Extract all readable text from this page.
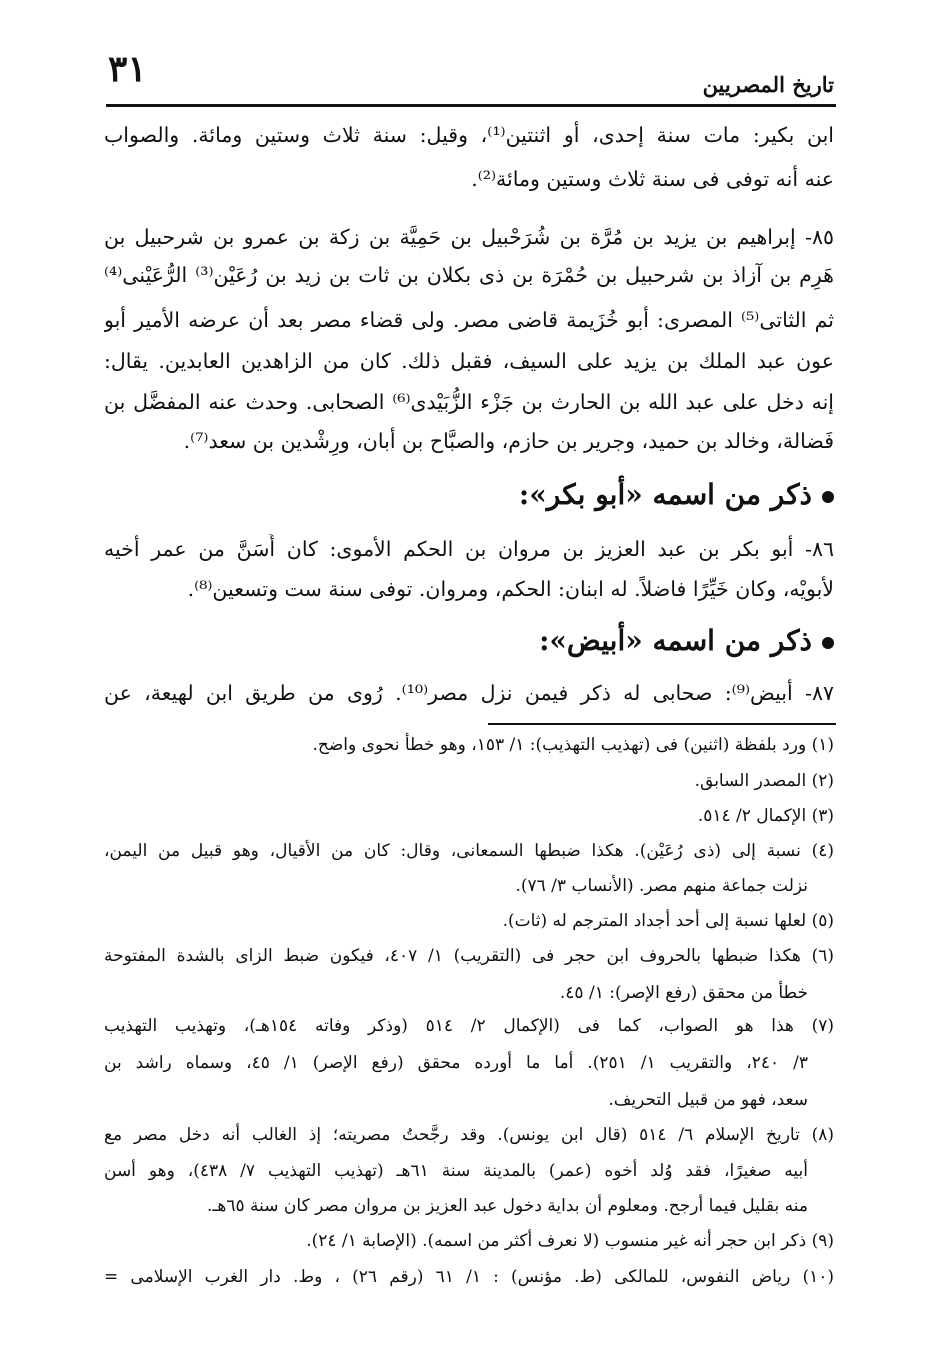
٣١	تاريخ المصريين
ابن بكير: مات سنة إحدى، أو اثنتين⁽¹⁾، وقيل: سنة ثلاث وستين ومائة. والصواب
عنه أنه توفى فى سنة ثلاث وستين ومائة⁽²⁾.
٨٥- إبراهيم بن يزيد بن مُرَّة بن شُرَحْبيل بن حَمِيَّة بن زكة بن عمرو بن شرحبيل بن
هَرِم بن آزاذ بن شرحبيل بن حُمْرَة بن ذى بكلان بن ثات بن زيد بن رُعَيْن⁽³⁾ الرُّعَيْنى⁽⁴⁾
ثم الثاتى⁽⁵⁾ المصرى: أبو خُزَيمة قاضى مصر. ولى قضاء مصر بعد أن عرضه الأمير أبو
عون عبد الملك بن يزيد على السيف، فقبل ذلك. كان من الزاهدين العابدين. يقال:
إنه دخل على عبد الله بن الحارث بن جَزْء الزُّبَيْدى⁽⁶⁾ الصحابى. وحدث عنه المفضَّل بن
فَضالة، وخالد بن حميد، وجرير بن حازم، والصبَّاح بن أبان، ورِشْدين بن سعد⁽⁷⁾.
ذكر من اسمه «أبو بكر»:
٨٦- أبو بكر بن عبد العزيز بن مروان بن الحكم الأموى: كان أَسَنَّ من عمر أخيه
لأبويْه، وكان خَيِّرًا فاضلاً. له ابنان: الحكم، ومروان. توفى سنة ست وتسعين⁽⁸⁾.
ذكر من اسمه «أبيض»:
٨٧- أبيض⁽⁹⁾: صحابى له ذكر فيمن نزل مصر⁽¹⁰⁾. رُوى من طريق ابن لهيعة، عن
(١) ورد بلفظة (اثنين) فى (تهذيب التهذيب): ١/ ١٥٣، وهو خطأ نحوى واضح.
(٢) المصدر السابق.
(٣) الإكمال ٢/ ٥١٤.
(٤) نسبة إلى (ذى رُعَيْن). هكذا ضبطها السمعانى، وقال: كان من الأقيال، وهو قبيل من اليمن،
نزلت جماعة منهم مصر. (الأنساب ٣/ ٧٦).
(٥) لعلها نسبة إلى أحد أجداد المترجم له (ثات).
(٦) هكذا ضبطها بالحروف ابن حجر فى (التقريب) ١/ ٤٠٧، فيكون ضبط الزاى بالشدة المفتوحة
خطأ من محقق (رفع الإصر): ١/ ٤٥.
(٧) هذا هو الصواب، كما فى (الإكمال ٢/ ٥١٤ (وذكر وفاته ١٥٤هـ)، وتهذيب التهذيب
٣/ ٢٤٠، والتقريب ١/ ٢٥١). أما ما أورده محقق (رفع الإصر) ١/ ٤٥، وسماه راشد بن
سعد، فهو من قبيل التحريف.
(٨) تاريخ الإسلام ٦/ ٥١٤ (قال ابن يونس). وقد رجَّحتُ مصريته؛ إذ الغالب أنه دخل مصر مع
أبيه صغيرًا، فقد وُلد أخوه (عمر) بالمدينة سنة ٦١هـ (تهذيب التهذيب ٧/ ٤٣٨)، وهو أسن
منه بقليل فيما أرجح. ومعلوم أن بداية دخول عبد العزيز بن مروان مصر كان سنة ٦٥هـ.
(٩) ذكر ابن حجر أنه غير منسوب (لا نعرف أكثر من اسمه). (الإصابة ١/ ٢٤).
(١٠) رياض النفوس، للمالكى (ط. مؤنس) : ١/ ٦١ (رقم ٢٦) ، وط. دار الغرب الإسلامى =
